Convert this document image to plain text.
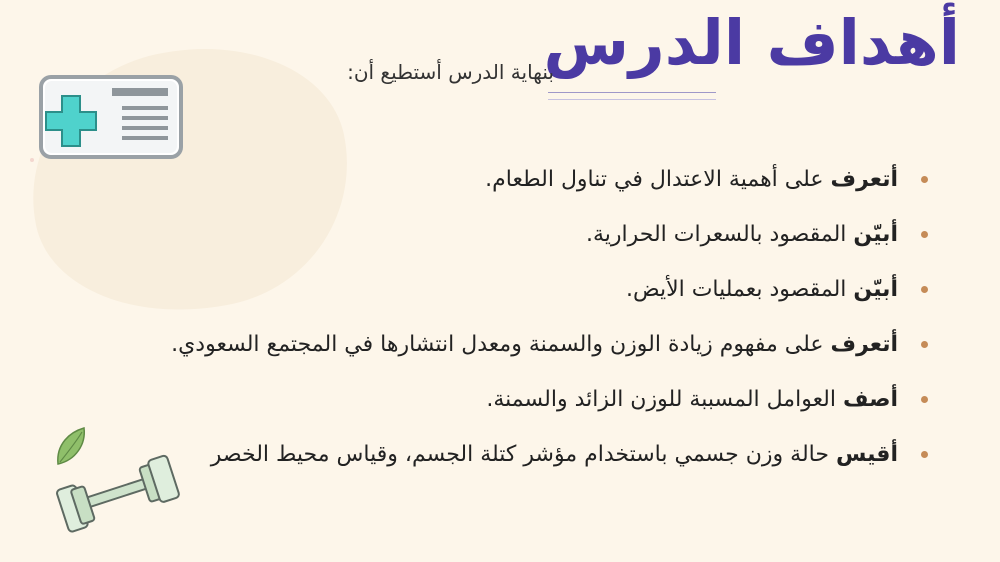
أهداف الدرس
بنهاية الدرس أستطيع أن:
أتعرف على أهمية الاعتدال في تناول الطعام.
أبيّن المقصود بالسعرات الحرارية.
أبيّن المقصود بعمليات الأيض.
أتعرف على مفهوم زيادة الوزن والسمنة ومعدل انتشارها في المجتمع السعودي.
أصف العوامل المسببة للوزن الزائد والسمنة.
أقيس حالة وزن جسمي باستخدام مؤشر كتلة الجسم، وقياس محيط الخصر
